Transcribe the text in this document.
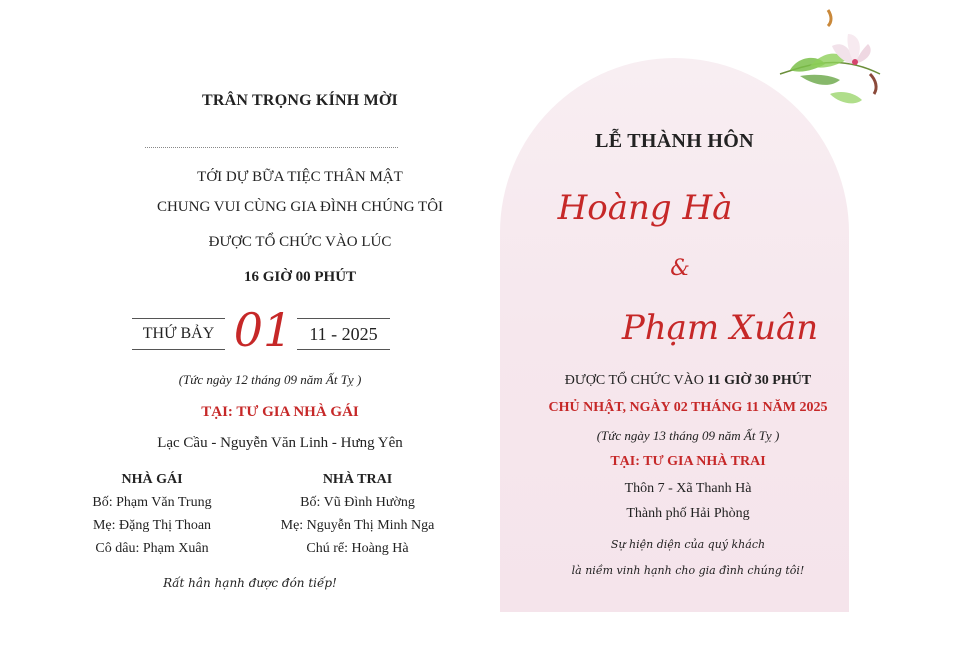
TRÂN TRỌNG KÍNH MỜI
TỚI DỰ BỮA TIỆC THÂN MẬT
CHUNG VUI CÙNG GIA ĐÌNH CHÚNG TÔI
ĐƯỢC TỔ CHỨC VÀO LÚC
16 GIỜ 00 PHÚT
THỨ BẢY 01 11 - 2025
(Tức ngày 12 tháng 09 năm Ất Tỵ )
TẠI: TƯ GIA NHÀ GÁI
Lạc Cầu - Nguyễn Văn Linh - Hưng Yên
NHÀ GÁI
Bố: Phạm Văn Trung
Mẹ: Đặng Thị Thoan
Cô dâu: Phạm Xuân
NHÀ TRAI
Bố: Vũ Đình Hường
Mẹ: Nguyễn Thị Minh Nga
Chú rể: Hoàng Hà
Rất hân hạnh được đón tiếp!
LỄ THÀNH HÔN
Hoàng Hà
&
Phạm Xuân
ĐƯỢC TỔ CHỨC VÀO 11 GIỜ 30 PHÚT
CHỦ NHẬT, NGÀY 02 THÁNG 11 NĂM 2025
(Tức ngày 13 tháng 09 năm Ất Tỵ )
TẠI: TƯ GIA NHÀ TRAI
Thôn 7 - Xã Thanh Hà
Thành phố Hải Phòng
Sự hiện diện của quý khách
là niềm vinh hạnh cho gia đình chúng tôi!
